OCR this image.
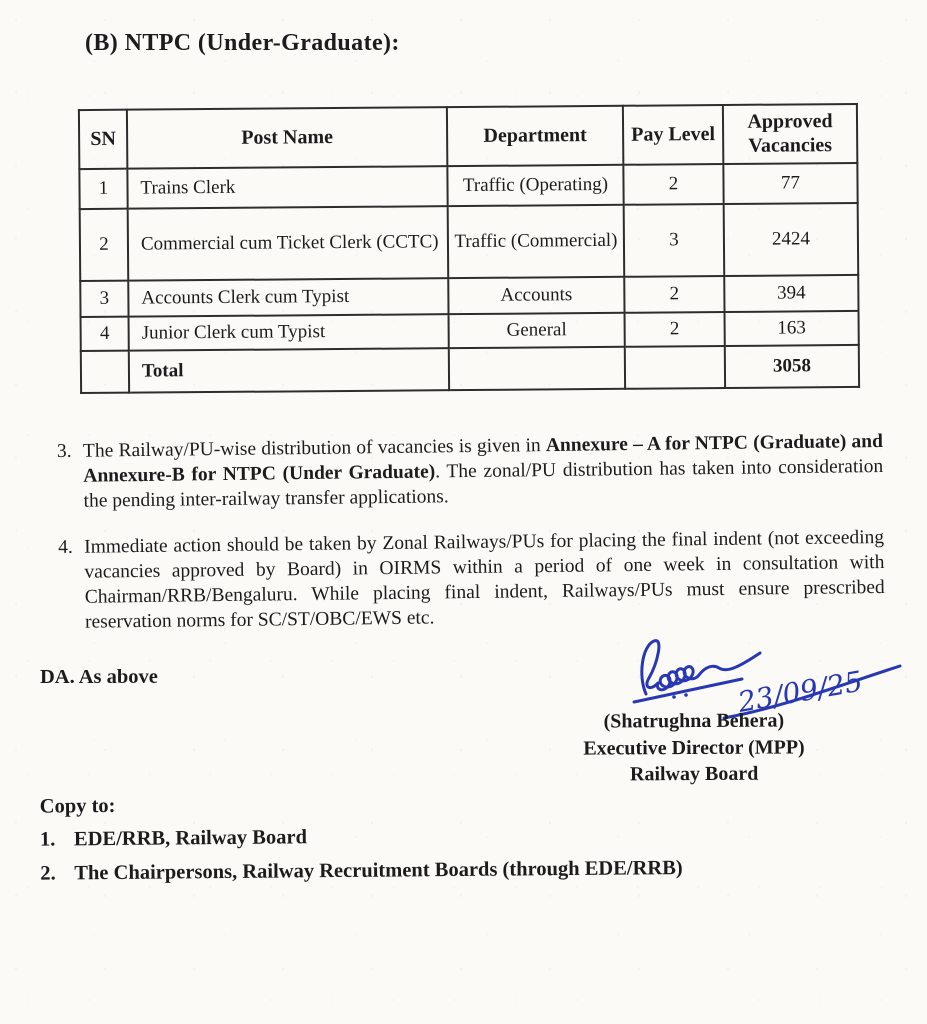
(B) NTPC (Under-Graduate):
SN	Post Name	Department	Pay Level	Approved Vacancies
1	Trains Clerk	Traffic (Operating)	2	77
2	Commercial cum Ticket Clerk (CCTC)	Traffic (Commercial)	3	2424
3	Accounts Clerk cum Typist	Accounts	2	394
4	Junior Clerk cum Typist	General	2	163
	Total			3058
3. The Railway/PU-wise distribution of vacancies is given in Annexure – A for NTPC (Graduate) and Annexure-B for NTPC (Under Graduate). The zonal/PU distribution has taken into consideration the pending inter-railway transfer applications.
4. Immediate action should be taken by Zonal Railways/PUs for placing the final indent (not exceeding vacancies approved by Board) in OIRMS within a period of one week in consultation with Chairman/RRB/Bengaluru. While placing final indent, Railways/PUs must ensure prescribed reservation norms for SC/ST/OBC/EWS etc.
DA. As above	23/09/25
(Shatrughna Behera)
Executive Director (MPP)
Railway Board
Copy to:
1. EDE/RRB, Railway Board
2. The Chairpersons, Railway Recruitment Boards (through EDE/RRB)
